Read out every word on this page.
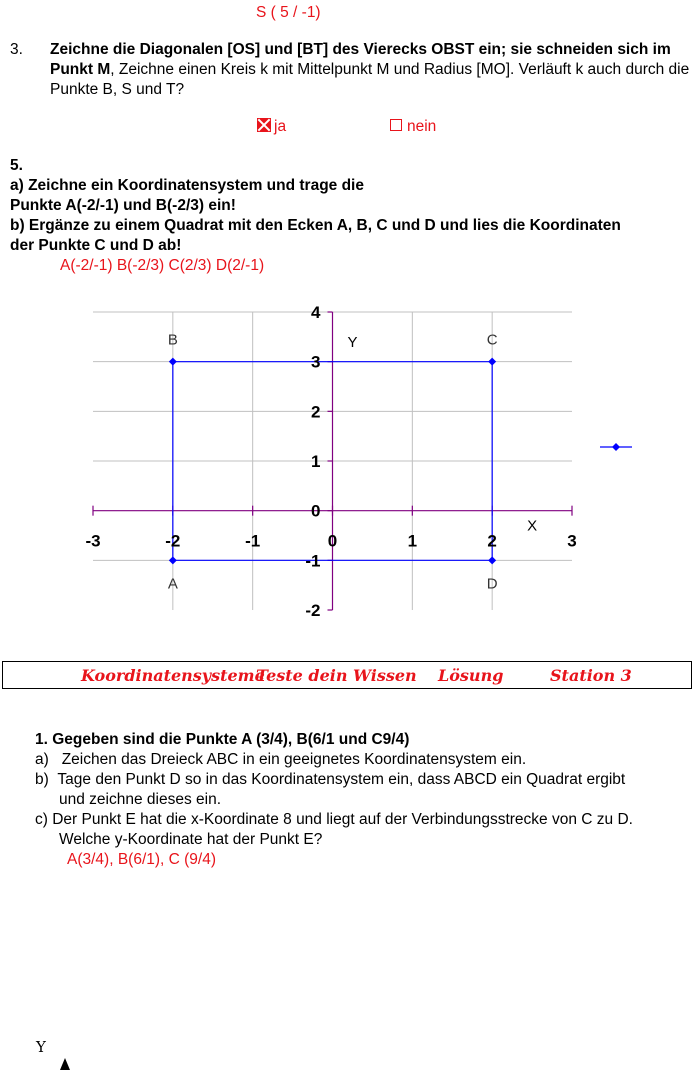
S ( 5 / -1)
3. Zeichne die Diagonalen [OS] und [BT] des Vierecks OBST ein; sie schneiden sich im Punkt M, Zeichne einen Kreis k mit Mittelpunkt M und Radius [MO]. Verläuft k auch durch die Punkte B, S und T?
ja	nein
5.
a) Zeichne ein Koordinatensystem und trage die
Punkte A(-2/-1) und B(-2/3) ein!
b) Ergänze zu einem Quadrat mit den Ecken A, B, C und D und lies die Koordinaten
der Punkte C und D ab!
A(-2/-1) B(-2/3) C(2/3) D(2/-1)
-3	-2	-1	0	1	2	3
-2
-1
0
1
2
3
4
X
Y
A
B	C
D
Koordinatensysteme
Teste dein Wissen Lösung	Station 3
1. Gegeben sind die Punkte A (3/4), B(6/1 und C9/4)
a) Zeichen das Dreieck ABC in ein geeignetes Koordinatensystem ein.
b) Tage den Punkt D so in das Koordinatensystem ein, dass ABCD ein Quadrat ergibt
und zeichne dieses ein.
c) Der Punkt E hat die x-Koordinate 8 und liegt auf der Verbindungsstrecke von C zu D.
Welche y-Koordinate hat der Punkt E?
A(3/4), B(6/1), C (9/4)
Y
